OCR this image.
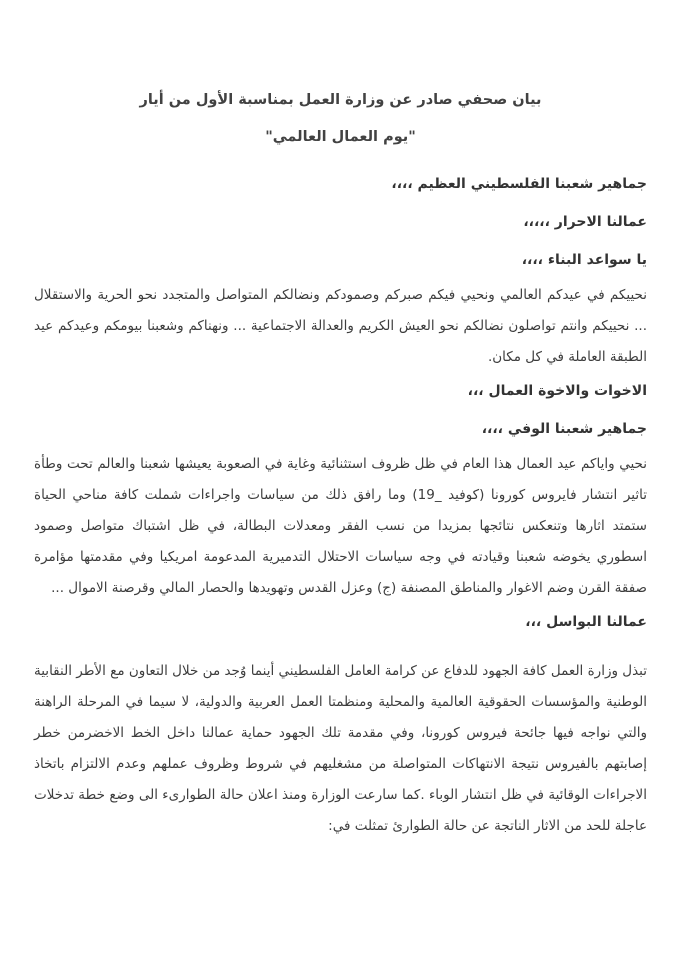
بيان صحفي صادر عن وزارة العمل بمناسبة الأول من أيار

"يوم العمال العالمي"

جماهير شعبنا الفلسطيني العظيم ،،،،

عمالنا الاحرار ،،،،،

يا سواعد البناء ،،،،

نحييكم في عيدكم العالمي ونحيي فيكم صبركم وصمودكم ونضالكم المتواصل والمتجدد نحو الحرية والاستقلال ... نحييكم وانتم تواصلون نضالكم نحو العيش الكريم والعدالة الاجتماعية ... ونهناكم وشعبنا بيومكم وعيدكم عيد الطبقة العاملة في كل مكان.

الاخوات والاخوة العمال ،،،

جماهير شعبنا الوفي ،،،،

نحيي واياكم عيد العمال هذا العام في ظل ظروف استثنائية وغاية في الصعوبة يعيشها شعبنا والعالم تحت وطأة تاثير انتشار فايروس كورونا (كوفيد _19) وما رافق ذلك من سياسات واجراءات شملت كافة مناحي الحياة ستمتد اثارها وتنعكس نتائجها بمزيدا من نسب الفقر ومعدلات البطالة، في ظل اشتباك متواصل وصمود اسطوري يخوضه شعبنا وقيادته في وجه سياسات الاحتلال التدميرية المدعومة امريكيا وفي مقدمتها مؤامرة صفقة القرن وضم الاغوار والمناطق المصنفة (ج) وعزل القدس وتهويدها والحصار المالي وقرصنة الاموال ...

عمالنا البواسل ،،،

تبذل وزارة العمل كافة الجهود للدفاع عن كرامة العامل الفلسطيني أينما وُجد من خلال التعاون مع الأطر النقابية الوطنية والمؤسسات الحقوقية العالمية والمحلية ومنظمتا العمل العربية والدولية، لا سيما في المرحلة الراهنة والتي نواجه فيها جائحة فيروس كورونا، وفي مقدمة تلك الجهود حماية عمالنا داخل الخط الاخضرمن خطر إصابتهم بالفيروس نتيجة الانتهاكات المتواصلة من مشغليهم في شروط وظروف عملهم وعدم الالتزام باتخاذ الاجراءات الوقائية في ظل انتشار الوباء .كما سارعت الوزارة ومنذ اعلان حالة الطوارىء الى وضع خطة تدخلات عاجلة للحد من الاثار الناتجة عن حالة الطوارئ تمثلت في:
